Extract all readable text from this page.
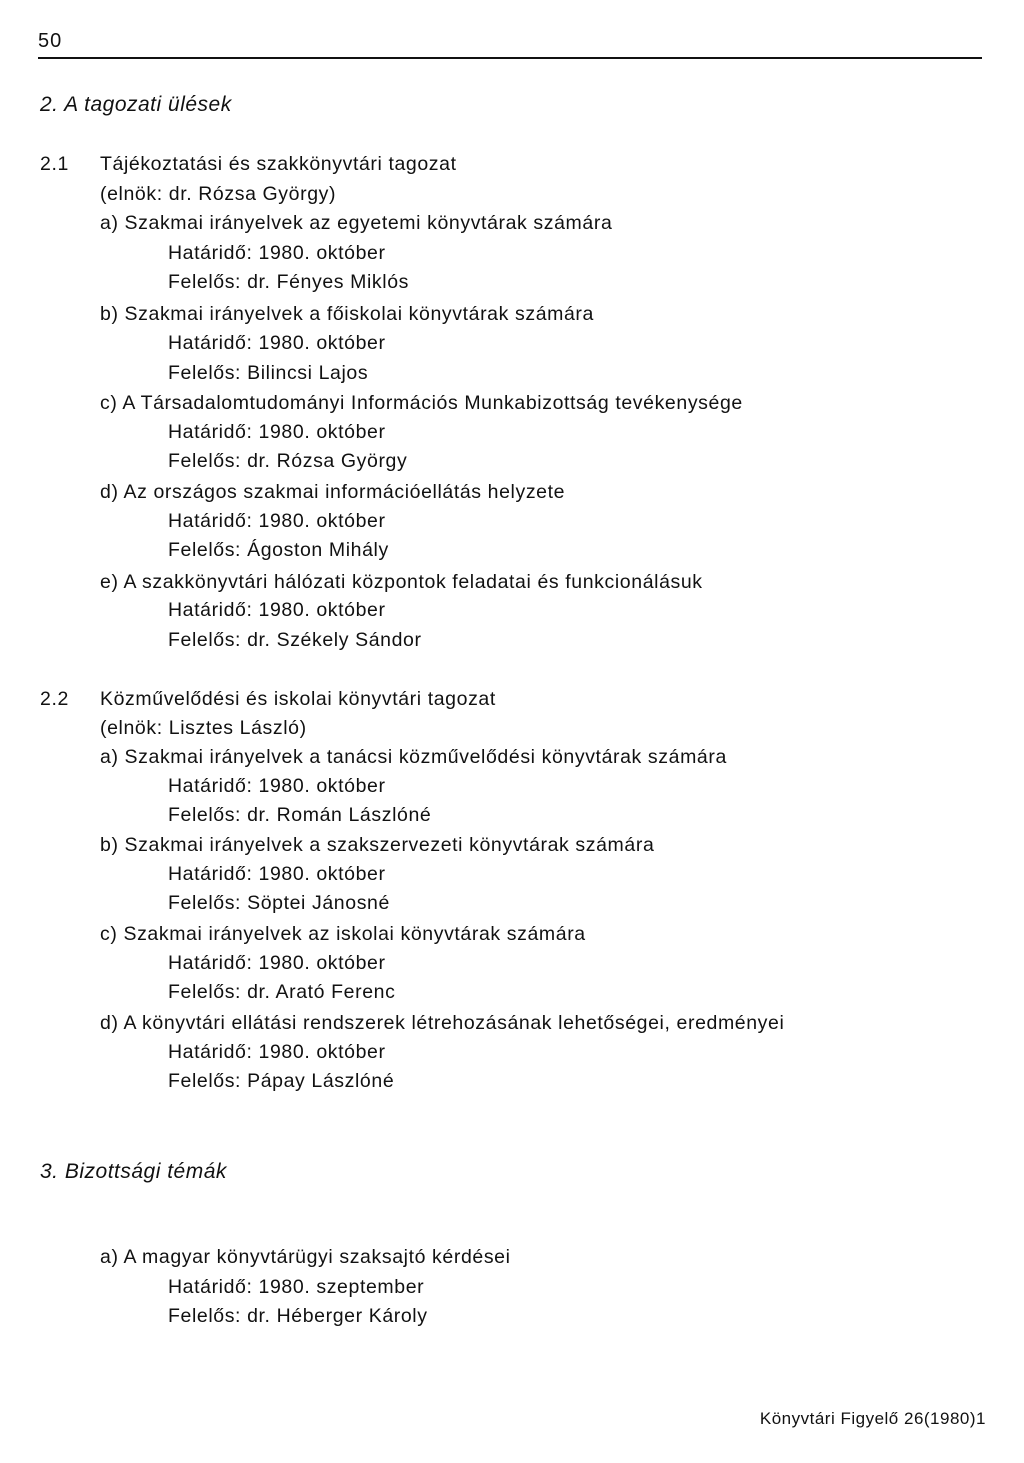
50
2. A tagozati ülések
2.1 Tájékoztatási és szakkönyvtári tagozat
(elnök: dr. Rózsa György)
a) Szakmai irányelvek az egyetemi könyvtárak számára
Határidő: 1980. október
Felelős: dr. Fényes Miklós
b) Szakmai irányelvek a főiskolai könyvtárak számára
Határidő: 1980. október
Felelős: Bilincsi Lajos
c) A Társadalomtudományi Információs Munkabizottság tevékenysége
Határidő: 1980. október
Felelős: dr. Rózsa György
d) Az országos szakmai információellátás helyzete
Határidő: 1980. október
Felelős: Ágoston Mihály
e) A szakkönyvtári hálózati központok feladatai és funkcionálásuk
Határidő: 1980. október
Felelős: dr. Székely Sándor
2.2 Közművelődési és iskolai könyvtári tagozat
(elnök: Lisztes László)
a) Szakmai irányelvek a tanácsi közművelődési könyvtárak számára
Határidő: 1980. október
Felelős: dr. Román Lászlóné
b) Szakmai irányelvek a szakszervezeti könyvtárak számára
Határidő: 1980. október
Felelős: Söptei Jánosné
c) Szakmai irányelvek az iskolai könyvtárak számára
Határidő: 1980. október
Felelős: dr. Arató Ferenc
d) A könyvtári ellátási rendszerek létrehozásának lehetőségei, eredményei
Határidő: 1980. október
Felelős: Pápay Lászlóné
3. Bizottsági témák
a) A magyar könyvtárügyi szaksajtó kérdései
Határidő: 1980. szeptember
Felelős: dr. Héberger Károly
Könyvtári Figyelő 26(1980)1
